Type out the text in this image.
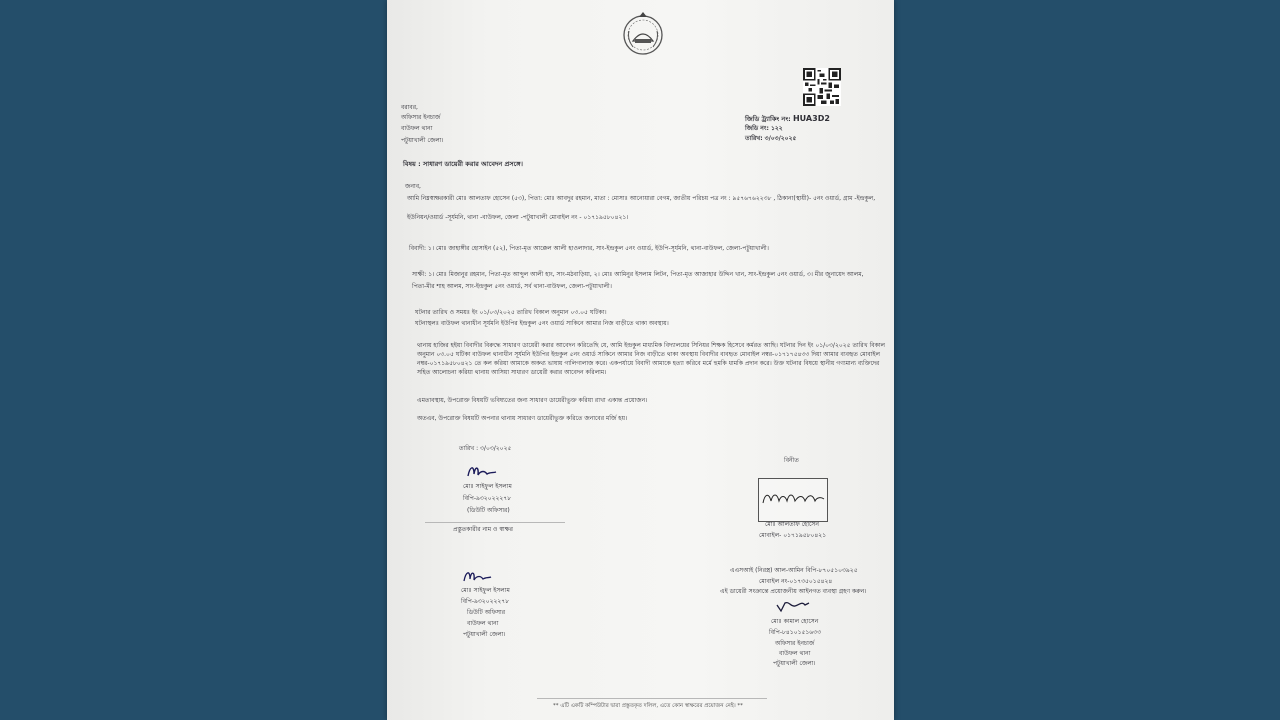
জিডি ট্র্যাকিং নং: HUA3D2
জিডি নং: ১২২
তারিখ: ৩/০৩/২০২৫
বরাবর,
অফিসার ইনচার্জ
বাউফল থানা
পটুয়াখালী জেলা।
বিষয় : সাধারণ ডায়েরী করার আবেদন প্রসঙ্গে।
জনাব,
আমি নিম্নস্বাক্ষরকারী মোঃ আলতাফ হোসেন (৫৩), পিতা: মোঃ আবদুর রহমান, মাতা : মোসাঃ আনোয়ারা বেগম, জাতীয় পরিচয় পত্র নং : ৯৫৭৬৭৬২২৩৮ , ঠিকানা(স্থায়ী)- ৫নং ওয়ার্ড, গ্রাম -ইন্দ্রকুল,
ইউনিয়ন/ওয়ার্ড -সূর্যমনি, থানা -বাউফল, জেলা -পটুয়াখালী মোবাইল নং - ০১৭১৯৫৮০৪২১।
বিবাদী: ১। মোঃ জাহাঙ্গীর হোসাইন (৫২), পিতা-মৃত আক্কেল আলী হাওলাদার, সাং-ইন্দ্রকুল ৫নং ওয়ার্ড, ইউপি-সূর্যমনি, থানা-বাউফল, জেলা-পটুয়াখালী।
সাক্ষী: ১। মোঃ মিজানুর রহমান, পিতা-মৃত আব্দুল আলী হাং, সাং-মঠবাড়িয়া, ২। মোঃ আমিনুর ইসলাম লিটন, পিতা-মৃত আজাহার উদ্দিন খান, সাং-ইন্দ্রকুল ৫নং ওয়ার্ড, ৩। মীর জুনায়েদ আলম,
পিতা-মীর শাহ আলম, সাং-ইন্দ্রকুল ৫নং ওয়ার্ড, সর্ব থানা-বাউফল, জেলা-পটুয়াখালী।
ঘটনার তারিখ ও সময়ঃ ইং ০১/০৩/২০২৫ তারিখ বিকাল অনুমান ০৩.০৫ ঘটিকা।
ঘটনাস্থলঃ বাউফল থানাধীন সূর্যমনি ইউপির ইন্দ্রকুল ৫নং ওয়ার্ড সাকিনে আমার নিজ বাড়ীতে থাকা অবস্থায়।
থানায় হাজির হইয়া বিবাদীর বিরুদ্ধে সাধারণ ডায়েরী করার আবেদন করিতেছি যে, আমি ইন্দ্রকুল মাধ্যমিক বিদ্যালয়ের সিনিয়র শিক্ষক হিসেবে কর্মরত আছি। ঘটনার দিন ইং ০১/০৩/২০২৫ তারিখ বিকাল অনুমান ০৩.০৫ ঘটিকা বাউফল থানাধীন সূর্যমনি ইউপির ইন্দ্রকুল ৫নং ওয়ার্ড সাকিনে আমার নিজ বাড়ীতে থাকা অবস্থায় বিবাদীর ব্যবহৃত মোবাইল নম্বর-০১৭১৭৫৪৩৩ দিয়া আমার ব্যবহৃত মোবাইল নম্বর-০১৭১৯৫৮০৪২১ তে কল করিয়া আমাকে অকথ্য ভাষায় গালিগালাজ করে। একপর্যায়ে বিবাদী আমাকে হত্যা করিবে মর্মে হুমকি ধামকি প্রদান করে। উক্ত ঘটনার বিষয়ে স্থানীয় গণ্যমান্য ব্যক্তিদের সহিত আলোচনা করিয়া থানায় আসিয়া সাধারণ ডায়েরী করার আবেদন করিলাম।
এমতাবস্থায়, উপরোক্ত বিষয়টি ভবিষ্যতের জন্য সাধারণ ডায়েরীভুক্ত করিয়া রাখা একান্ত প্রয়োজন।
অতএব, উপরোক্ত বিষয়টি অপনার থানায় সাধারণ ডায়েরীভুক্ত করিতে জনাবের মর্জি হয়।
তারিখ : ৩/০৩/২০২৫
মোঃ সাইফুল ইসলাম
বিপি-৯৩২০২২২৭৮
(ডিউটি অফিসার)
প্রস্তুতকারীর নাম ও স্বাক্ষর
বিনীত
মোঃ আলতাফ হোসেন
মোবাইল- ০১৭১৯৫৮০৪২১
মোঃ সাইফুল ইসলাম
বিপি-৯৩২০২২২৭৮
ডিউটি অফিসার
বাউফল থানা
পটুয়াখালী জেলা।
এএসআই (নিরস্ত্র) আল-আমিন বিপি-৮৭০৫১০৩৯২৫
মোবাইল নং-০১৭৩৫০১৫৪২৪
এই ডায়েরী সংক্রান্তে প্রয়োজনীয় আইনগত ব্যবস্থা গ্রহণ করুন।
মোঃ কামাল হোসেন
বিপি-৮৪১০১৫১৬৩৩
অফিসার ইনচার্জ
বাউফল থানা
পটুয়াখালী জেলা।
** এটি একটি কম্পিউটার দ্বারা প্রস্তুতকৃত দলিল, এতে কোন স্বাক্ষরের প্রয়োজন নেই। **
